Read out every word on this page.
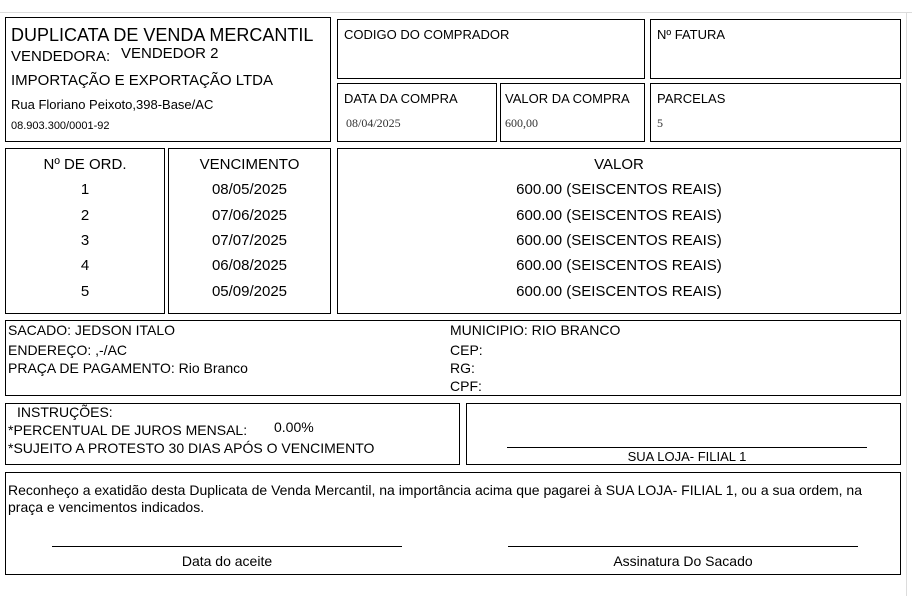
DUPLICATA DE VENDA MERCANTIL
VENDEDORA: VENDEDOR 2
IMPORTAÇÃO E EXPORTAÇÃO LTDA
Rua Floriano Peixoto,398-Base/AC
08.903.300/0001-92
CODIGO DO COMPRADOR	Nº FATURA
DATA DA COMPRA
08/04/2025
VALOR DA COMPRA
600,00
PARCELAS
5
Nº DE ORD.	VENCIMENTO	VALOR
1	08/05/2025	600.00 (SEISCENTOS REAIS)
2	07/06/2025	600.00 (SEISCENTOS REAIS)
3	07/07/2025	600.00 (SEISCENTOS REAIS)
4	06/08/2025	600.00 (SEISCENTOS REAIS)
5	05/09/2025	600.00 (SEISCENTOS REAIS)
SACADO: JEDSON ITALO
ENDEREÇO: ,-/AC
PRAÇA DE PAGAMENTO: Rio Branco
MUNICIPIO: RIO BRANCO
CEP:
RG:
CPF:
INSTRUÇÕES:
*PERCENTUAL DE JUROS MENSAL: 0.00%
*SUJEITO A PROTESTO 30 DIAS APÓS O VENCIMENTO
SUA LOJA- FILIAL 1
Reconheço a exatidão desta Duplicata de Venda Mercantil, na importância acima que pagarei à SUA LOJA- FILIAL 1, ou a sua ordem, na praça e vencimentos indicados.
Data do aceite	Assinatura Do Sacado
